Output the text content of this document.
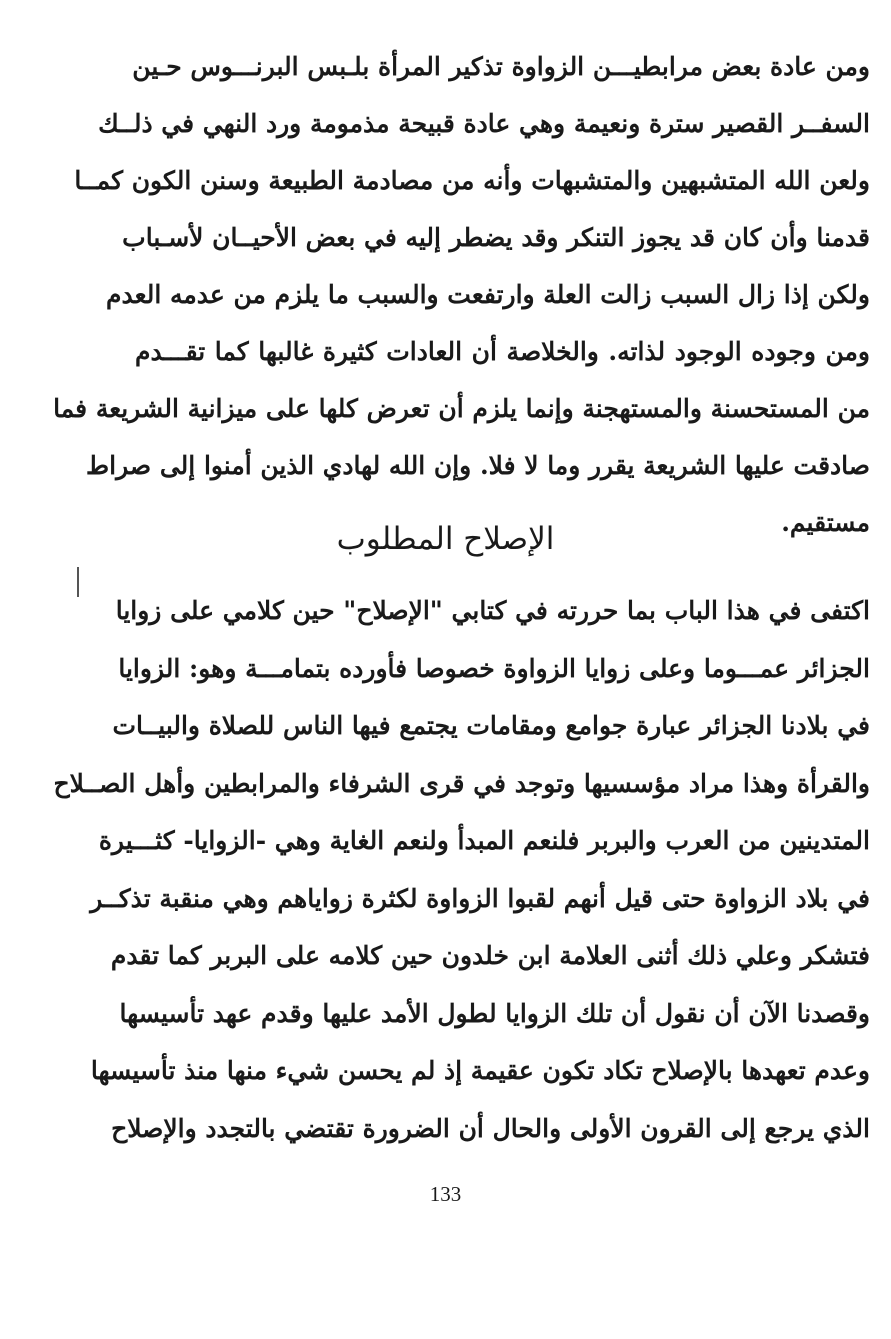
ومن عادة بعض مرابطيـــن الزواوة تذكير المرأة بلـبس البرنـــوس حـين
السفــر القصير سترة ونعيمة وهي عادة قبيحة مذمومة ورد النهي في ذلــك
ولعن الله المتشبهين والمتشبهات وأنه من مصادمة الطبيعة وسنن الكون كمــا
قدمنا وأن كان قد يجوز التنكر وقد يضطر إليه في بعض الأحيــان لأسـباب
ولكن إذا زال السبب زالت العلة وارتفعت والسبب ما يلزم من عدمه العدم
ومن وجوده الوجود لذاته. والخلاصة أن العادات كثيرة غالبها كما تقـــدم
من المستحسنة والمستهجنة وإنما يلزم أن تعرض كلها على ميزانية الشريعة فما
صادقت عليها الشريعة يقرر وما لا فلا. وإن الله لهادي الذين أمنوا إلى صراط
مستقيم.

الإصلاح المطلوب

اكتفى في هذا الباب بما حررته في كتابي "الإصلاح" حين كلامي على زوايا
الجزائر عمـــوما وعلى زوايا الزواوة خصوصا فأورده بتمامـــة وهو: الزوايا
في بلادنا الجزائر عبارة جوامع ومقامات يجتمع فيها الناس للصلاة والبيــات
والقرأة وهذا مراد مؤسسيها وتوجد في قرى الشرفاء والمرابطين وأهل الصــلاح
المتدينين من العرب والبربر فلنعم المبدأ ولنعم الغاية وهي -الزوايا- كثـــيرة
في بلاد الزواوة حتى قيل أنهم لقبوا الزواوة لكثرة زواياهم وهي منقبة تذكــر
فتشكر وعلي ذلك أثنى العلامة ابن خلدون حين كلامه على البربر كما تقدم
وقصدنا الآن أن نقول أن تلك الزوايا لطول الأمد عليها وقدم عهد تأسيسها
وعدم تعهدها بالإصلاح تكاد تكون عقيمة إذ لم يحسن شيء منها منذ تأسيسها
الذي يرجع إلى القرون الأولى والحال أن الضرورة تقتضي بالتجدد والإصلاح

133
